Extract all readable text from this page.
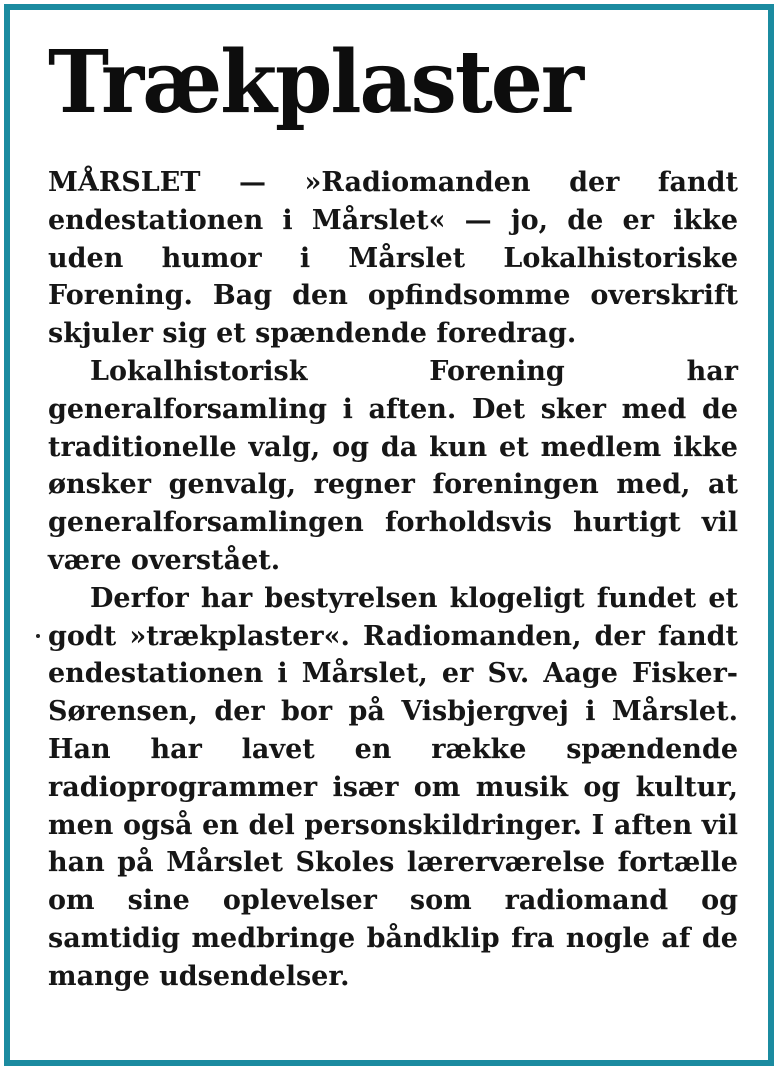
Trækplaster

MÅRSLET — »Radiomanden der fandt endestationen i Mårslet« — jo, de er ikke uden humor i Mårslet Lokalhistoriske Forening. Bag den opfindsomme overskrift skjuler sig et spændende foredrag.

Lokalhistorisk Forening har generalforsamling i aften. Det sker med de traditionelle valg, og da kun et medlem ikke ønsker genvalg, regner foreningen med, at generalforsamlingen forholdsvis hurtigt vil være overstået.

Derfor har bestyrelsen klogeligt fundet et godt »trækplaster«. Radiomanden, der fandt endestationen i Mårslet, er Sv. Aage Fisker-Sørensen, der bor på Visbjergvej i Mårslet. Han har lavet en række spændende radioprogrammer især om musik og kultur, men også en del personskildringer. I aften vil han på Mårslet Skoles lærerværelse fortælle om sine oplevelser som radiomand og samtidig medbringe båndklip fra nogle af de mange udsendelser.
